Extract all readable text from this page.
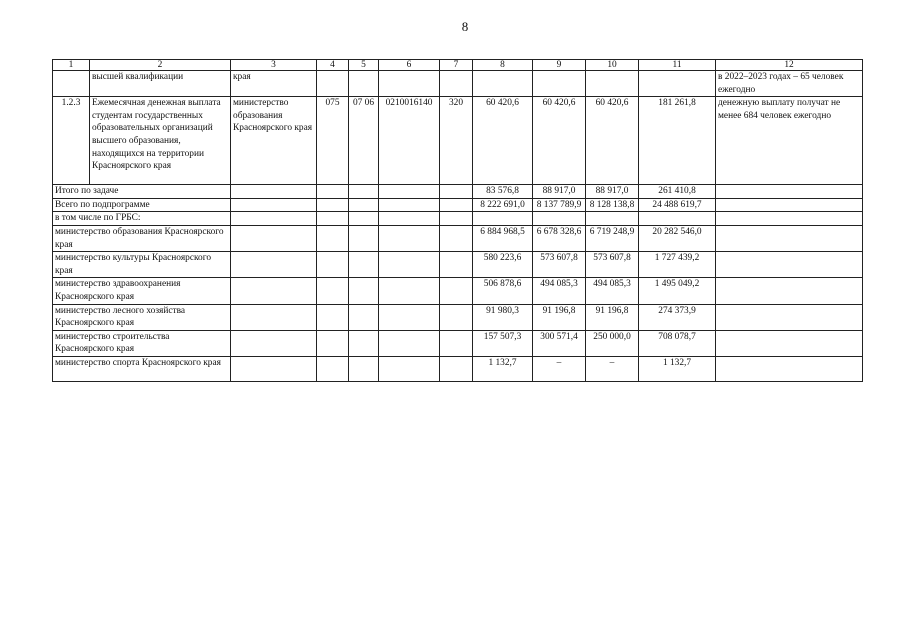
8
1	2	3	4	5	6	7	8	9	10	11	12
	высшей квалификации	края									в 2022–2023 годах – 65 человек ежегодно
1.2.3	Ежемесячная денежная выплата студентам государственных образовательных организаций высшего образования, находящихся на территории Красноярского края	министерство образования Красноярского края	075	07 06	0210016140	320	60 420,6	60 420,6	60 420,6	181 261,8	денежную выплату получат не менее 684 человек ежегодно
Итого по задаче							83 576,8	88 917,0	88 917,0	261 410,8	
Всего по подпрограмме							8 222 691,0	8 137 789,9	8 128 138,8	24 488 619,7	
в том числе по ГРБС:											
министерство образования Красноярского края							6 884 968,5	6 678 328,6	6 719 248,9	20 282 546,0	
министерство культуры Красноярского края							580 223,6	573 607,8	573 607,8	1 727 439,2	
министерство здравоохранения Красноярского края							506 878,6	494 085,3	494 085,3	1 495 049,2	
министерство лесного хозяйства Красноярского края							91 980,3	91 196,8	91 196,8	274 373,9	
министерство строительства Красноярского края							157 507,3	300 571,4	250 000,0	708 078,7	
министерство спорта Красноярского края							1 132,7	–	–	1 132,7	
